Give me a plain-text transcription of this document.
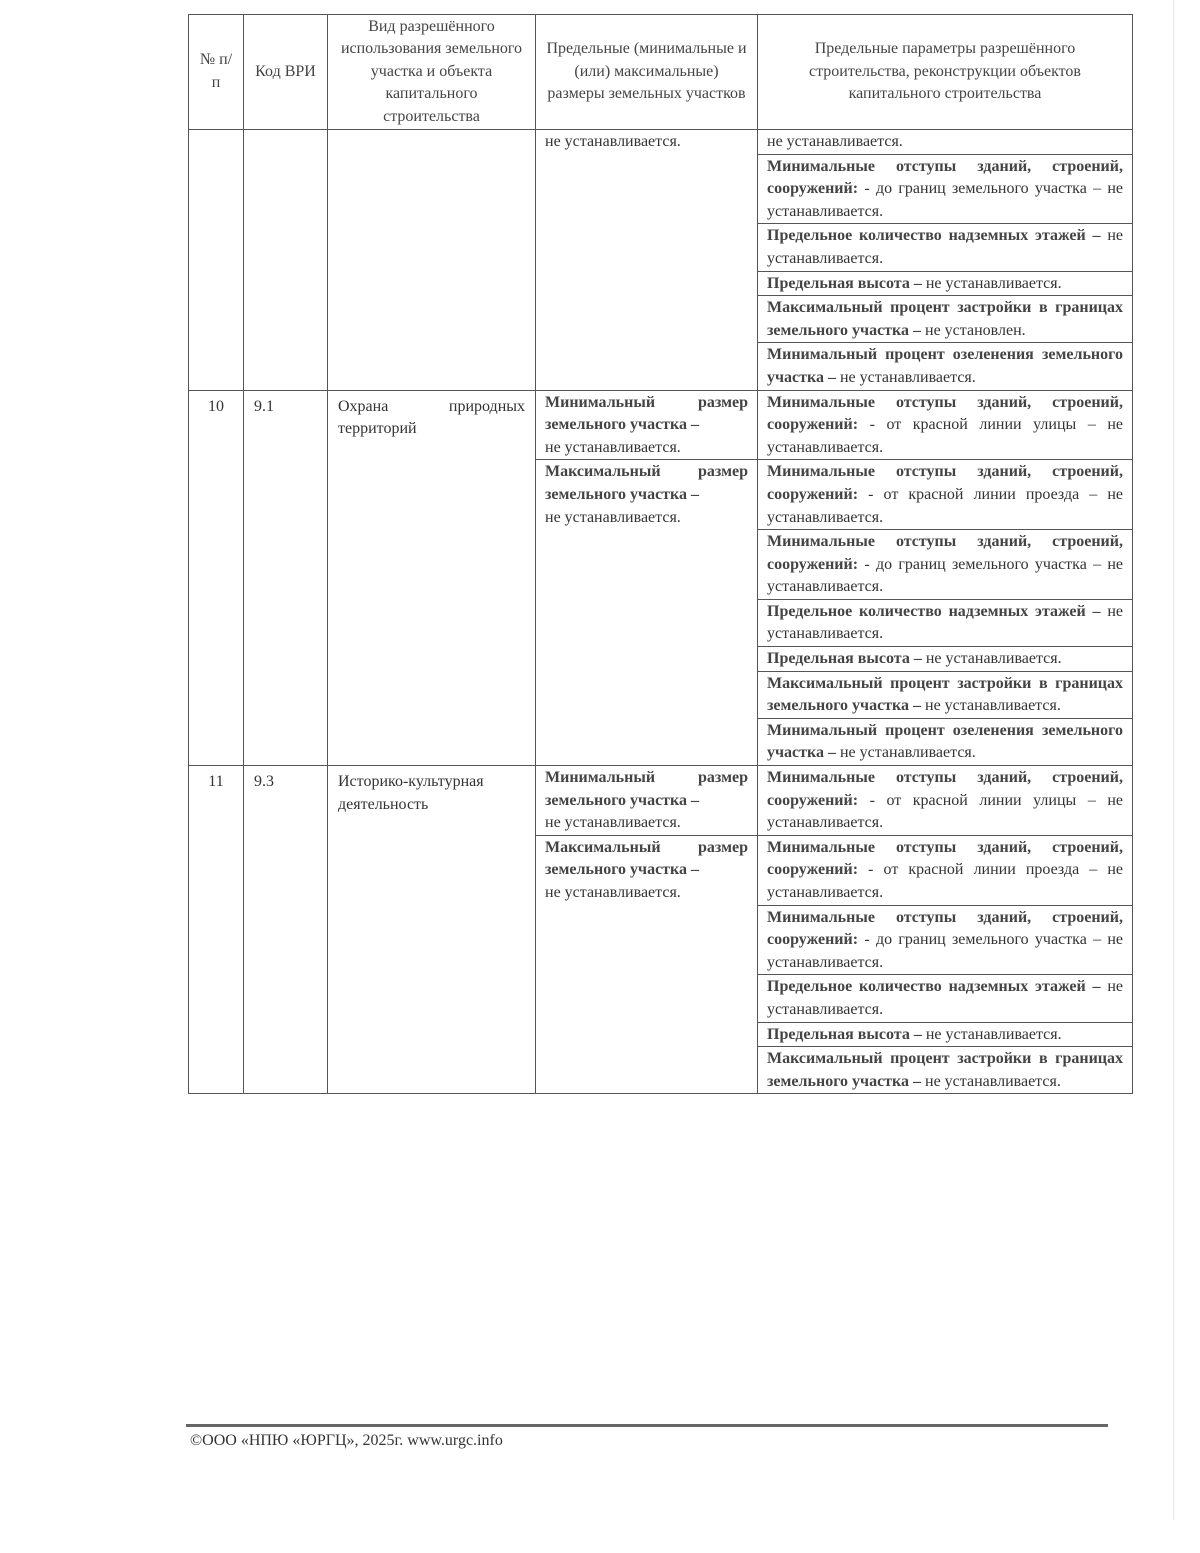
№ п/п	Код ВРИ	Вид разрешённого использования земельного участка и объекта капитального строительства	Предельные (минимальные и (или) максимальные) размеры земельных участков	Предельные параметры разрешённого строительства, реконструкции объектов капитального строительства

			не устанавливается.	не устанавливается.
				Минимальные отступы зданий, строений, сооружений: - до границ земельного участка – не устанавливается.
				Предельное количество надземных этажей – не устанавливается.
				Предельная высота – не устанавливается.
				Максимальный процент застройки в границах земельного участка – не установлен.
				Минимальный процент озеленения земельного участка – не устанавливается.
10	9.1	Охрана природных территорий	Минимальный размер земельного участка –
не устанавливается.	Минимальные отступы зданий, строений, сооружений: - от красной линии улицы – не устанавливается.
			Максимальный размер земельного участка –
не устанавливается.	Минимальные отступы зданий, строений, сооружений: - от красной линии проезда – не устанавливается.
				Минимальные отступы зданий, строений, сооружений: - до границ земельного участка – не устанавливается.
				Предельное количество надземных этажей – не устанавливается.
				Предельная высота – не устанавливается.
				Максимальный процент застройки в границах земельного участка – не устанавливается.
				Минимальный процент озеленения земельного участка – не устанавливается.
11	9.3	Историко-культурная деятельность	Минимальный размер земельного участка –
не устанавливается.	Минимальные отступы зданий, строений, сооружений: - от красной линии улицы – не устанавливается.
			Максимальный размер земельного участка –
не устанавливается.	Минимальные отступы зданий, строений, сооружений: - от красной линии проезда – не устанавливается.
				Минимальные отступы зданий, строений, сооружений: - до границ земельного участка – не устанавливается.
				Предельное количество надземных этажей – не устанавливается.
				Предельная высота – не устанавливается.
				Максимальный процент застройки в границах земельного участка – не устанавливается.
©ООО «НПЮ «ЮРГЦ», 2025г. www.urgc.info
